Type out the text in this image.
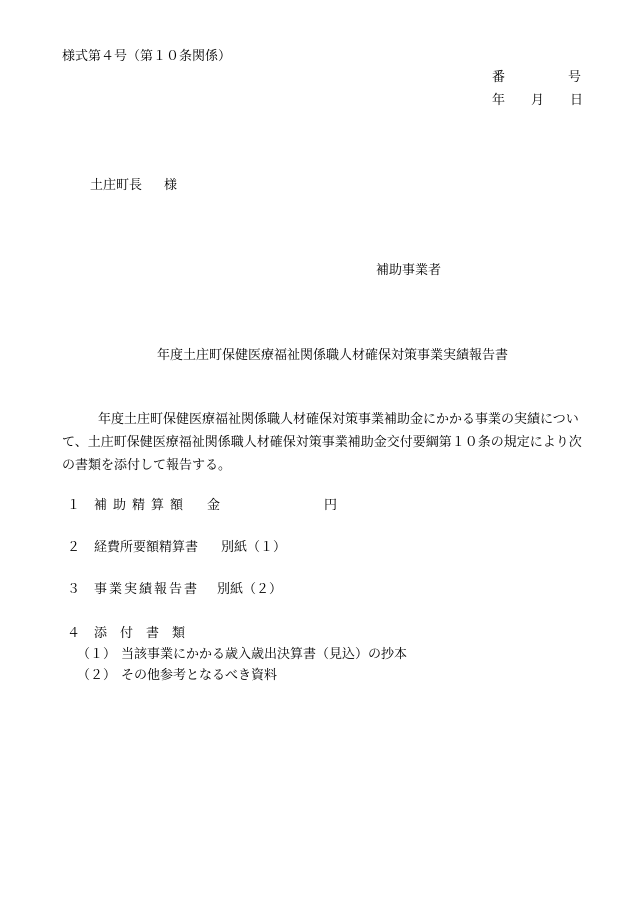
様式第４号（第１０条関係）
番	号
年 月 日
土庄町長 様
補助事業者
年度土庄町保健医療福祉関係職人材確保対策事業実績報告書

年度土庄町保健医療福祉関係職人材確保対策事業補助金にかかる事業の実績につい

て、土庄町保健医療福祉関係職人材確保対策事業補助金交付要綱第１０条の規定により次

の書類を添付して報告する。

１ 補助精算額 金	円
２ 経費所要額精算書 別紙（１）
３ 事業実績報告書 別紙（２）
４ 添付書類
（１） 当該事業にかかる歳入歳出決算書（見込）の抄本
（２） その他参考となるべき資料
